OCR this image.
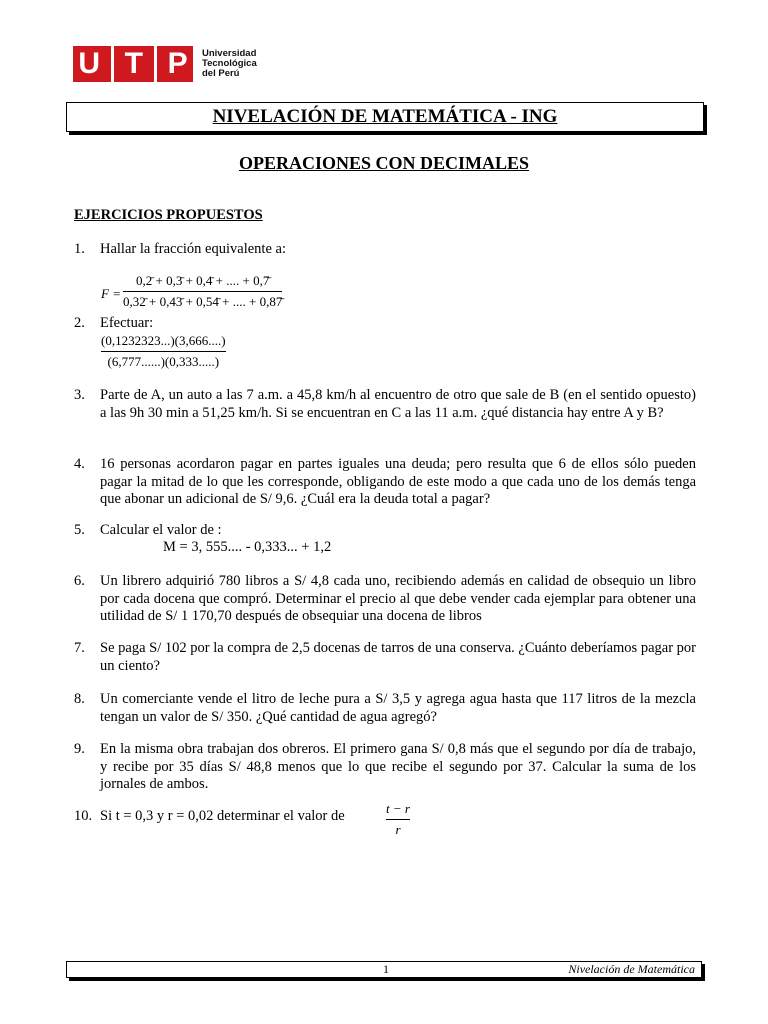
U T P Universidad
Tecnológica
del Perú
NIVELACIÓN DE MATEMÁTICA - ING
OPERACIONES CON DECIMALES
EJERCICIOS PROPUESTOS
1. Hallar la fracción equivalente a:
F =
0,2̄ + 0,3̄ + 0,4̄ + .... + 0,7̄
0,32̄ + 0,43̄ + 0,54̄ + .... + 0,87̄
2. Efectuar:
(0,1232323...)(3,666....)
(6,777......)(0,333.....)
3. Parte de A, un auto a las 7 a.m. a 45,8 km/h al encuentro de otro que sale de B (en el sentido opuesto) a las 9h 30 min a 51,25 km/h. Si se encuentran en C a las 11 a.m. ¿qué distancia hay entre A y B?
4. 16 personas acordaron pagar en partes iguales una deuda; pero resulta que 6 de ellos sólo pueden pagar la mitad de lo que les corresponde, obligando de este modo a que cada uno de los demás tenga que abonar un adicional de S/ 9,6. ¿Cuál era la deuda total a pagar?
5. Calcular el valor de :
M = 3, 555.... - 0,333... + 1,2
6. Un librero adquirió 780 libros a S/ 4,8 cada uno, recibiendo además en calidad de obsequio un libro por cada docena que compró. Determinar el precio al que debe vender cada ejemplar para obtener una utilidad de S/ 1 170,70 después de obsequiar una docena de libros
7. Se paga S/ 102 por la compra de 2,5 docenas de tarros de una conserva. ¿Cuánto deberíamos pagar por un ciento?
8. Un comerciante vende el litro de leche pura a S/ 3,5 y agrega agua hasta que 117 litros de la mezcla tengan un valor de S/ 350. ¿Qué cantidad de agua agregó?
9. En la misma obra trabajan dos obreros. El primero gana S/ 0,8 más que el segundo por día de trabajo, y recibe por 35 días S/ 48,8 menos que lo que recibe el segundo por 37. Calcular la suma de los jornales de ambos.
10. Si t = 0,3 y r = 0,02 determinar el valor de	t − r
r
1	Nivelación de Matemática
